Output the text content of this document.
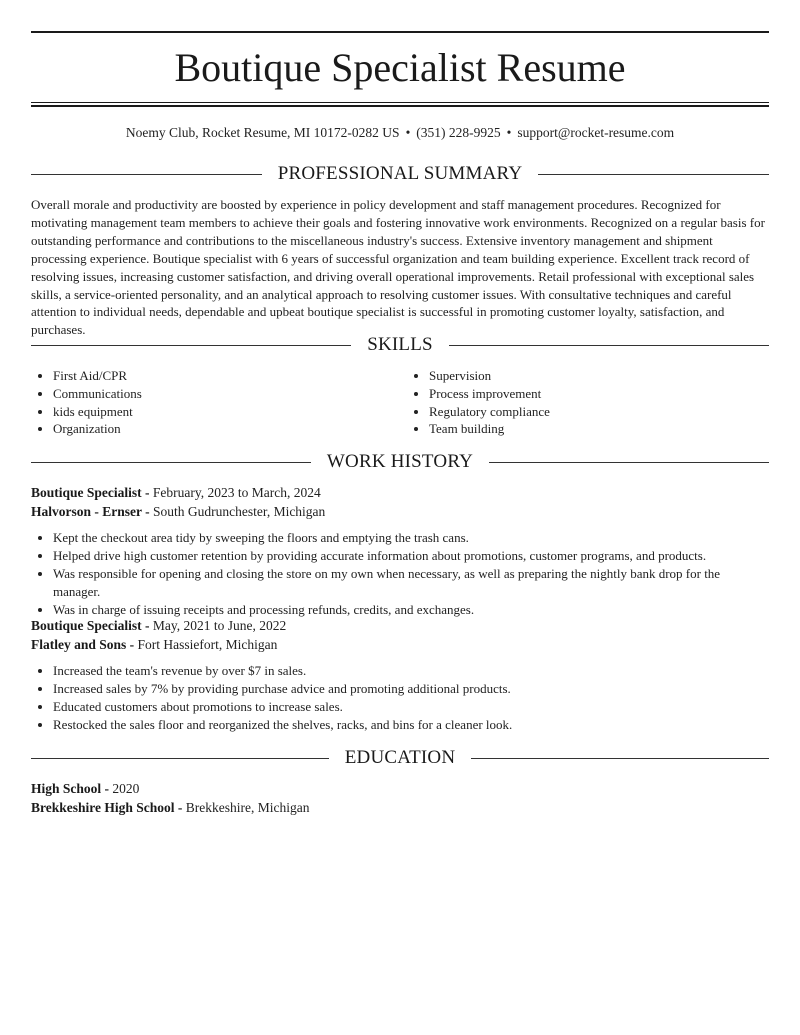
Boutique Specialist Resume
Noemy Club, Rocket Resume, MI 10172-0282 US • (351) 228-9925 • support@rocket-resume.com
PROFESSIONAL SUMMARY

Overall morale and productivity are boosted by experience in policy development and staff management procedures. Recognized for motivating management team members to achieve their goals and fostering innovative work environments. Recognized on a regular basis for outstanding performance and contributions to the miscellaneous industry's success. Extensive inventory management and shipment processing experience. Boutique specialist with 6 years of successful organization and team building experience. Excellent track record of resolving issues, increasing customer satisfaction, and driving overall operational improvements. Retail professional with exceptional sales skills, a service-oriented personality, and an analytical approach to resolving customer issues. With consultative techniques and careful attention to individual needs, dependable and upbeat boutique specialist is successful in promoting customer loyalty, satisfaction, and purchases.

SKILLS
• First Aid/CPR
• Communications
• kids equipment
• Organization
• Supervision
• Process improvement
• Regulatory compliance
• Team building
WORK HISTORY
Boutique Specialist - February, 2023 to March, 2024
Halvorson - Ernser - South Gudrunchester, Michigan
• Kept the checkout area tidy by sweeping the floors and emptying the trash cans.
• Helped drive high customer retention by providing accurate information about promotions, customer programs, and products.
• Was responsible for opening and closing the store on my own when necessary, as well as preparing the nightly bank drop for the manager.
• Was in charge of issuing receipts and processing refunds, credits, and exchanges.
Boutique Specialist - May, 2021 to June, 2022
Flatley and Sons - Fort Hassiefort, Michigan
• Increased the team's revenue by over $7 in sales.
• Increased sales by 7% by providing purchase advice and promoting additional products.
• Educated customers about promotions to increase sales.
• Restocked the sales floor and reorganized the shelves, racks, and bins for a cleaner look.
EDUCATION
High School - 2020
Brekkeshire High School - Brekkeshire, Michigan
